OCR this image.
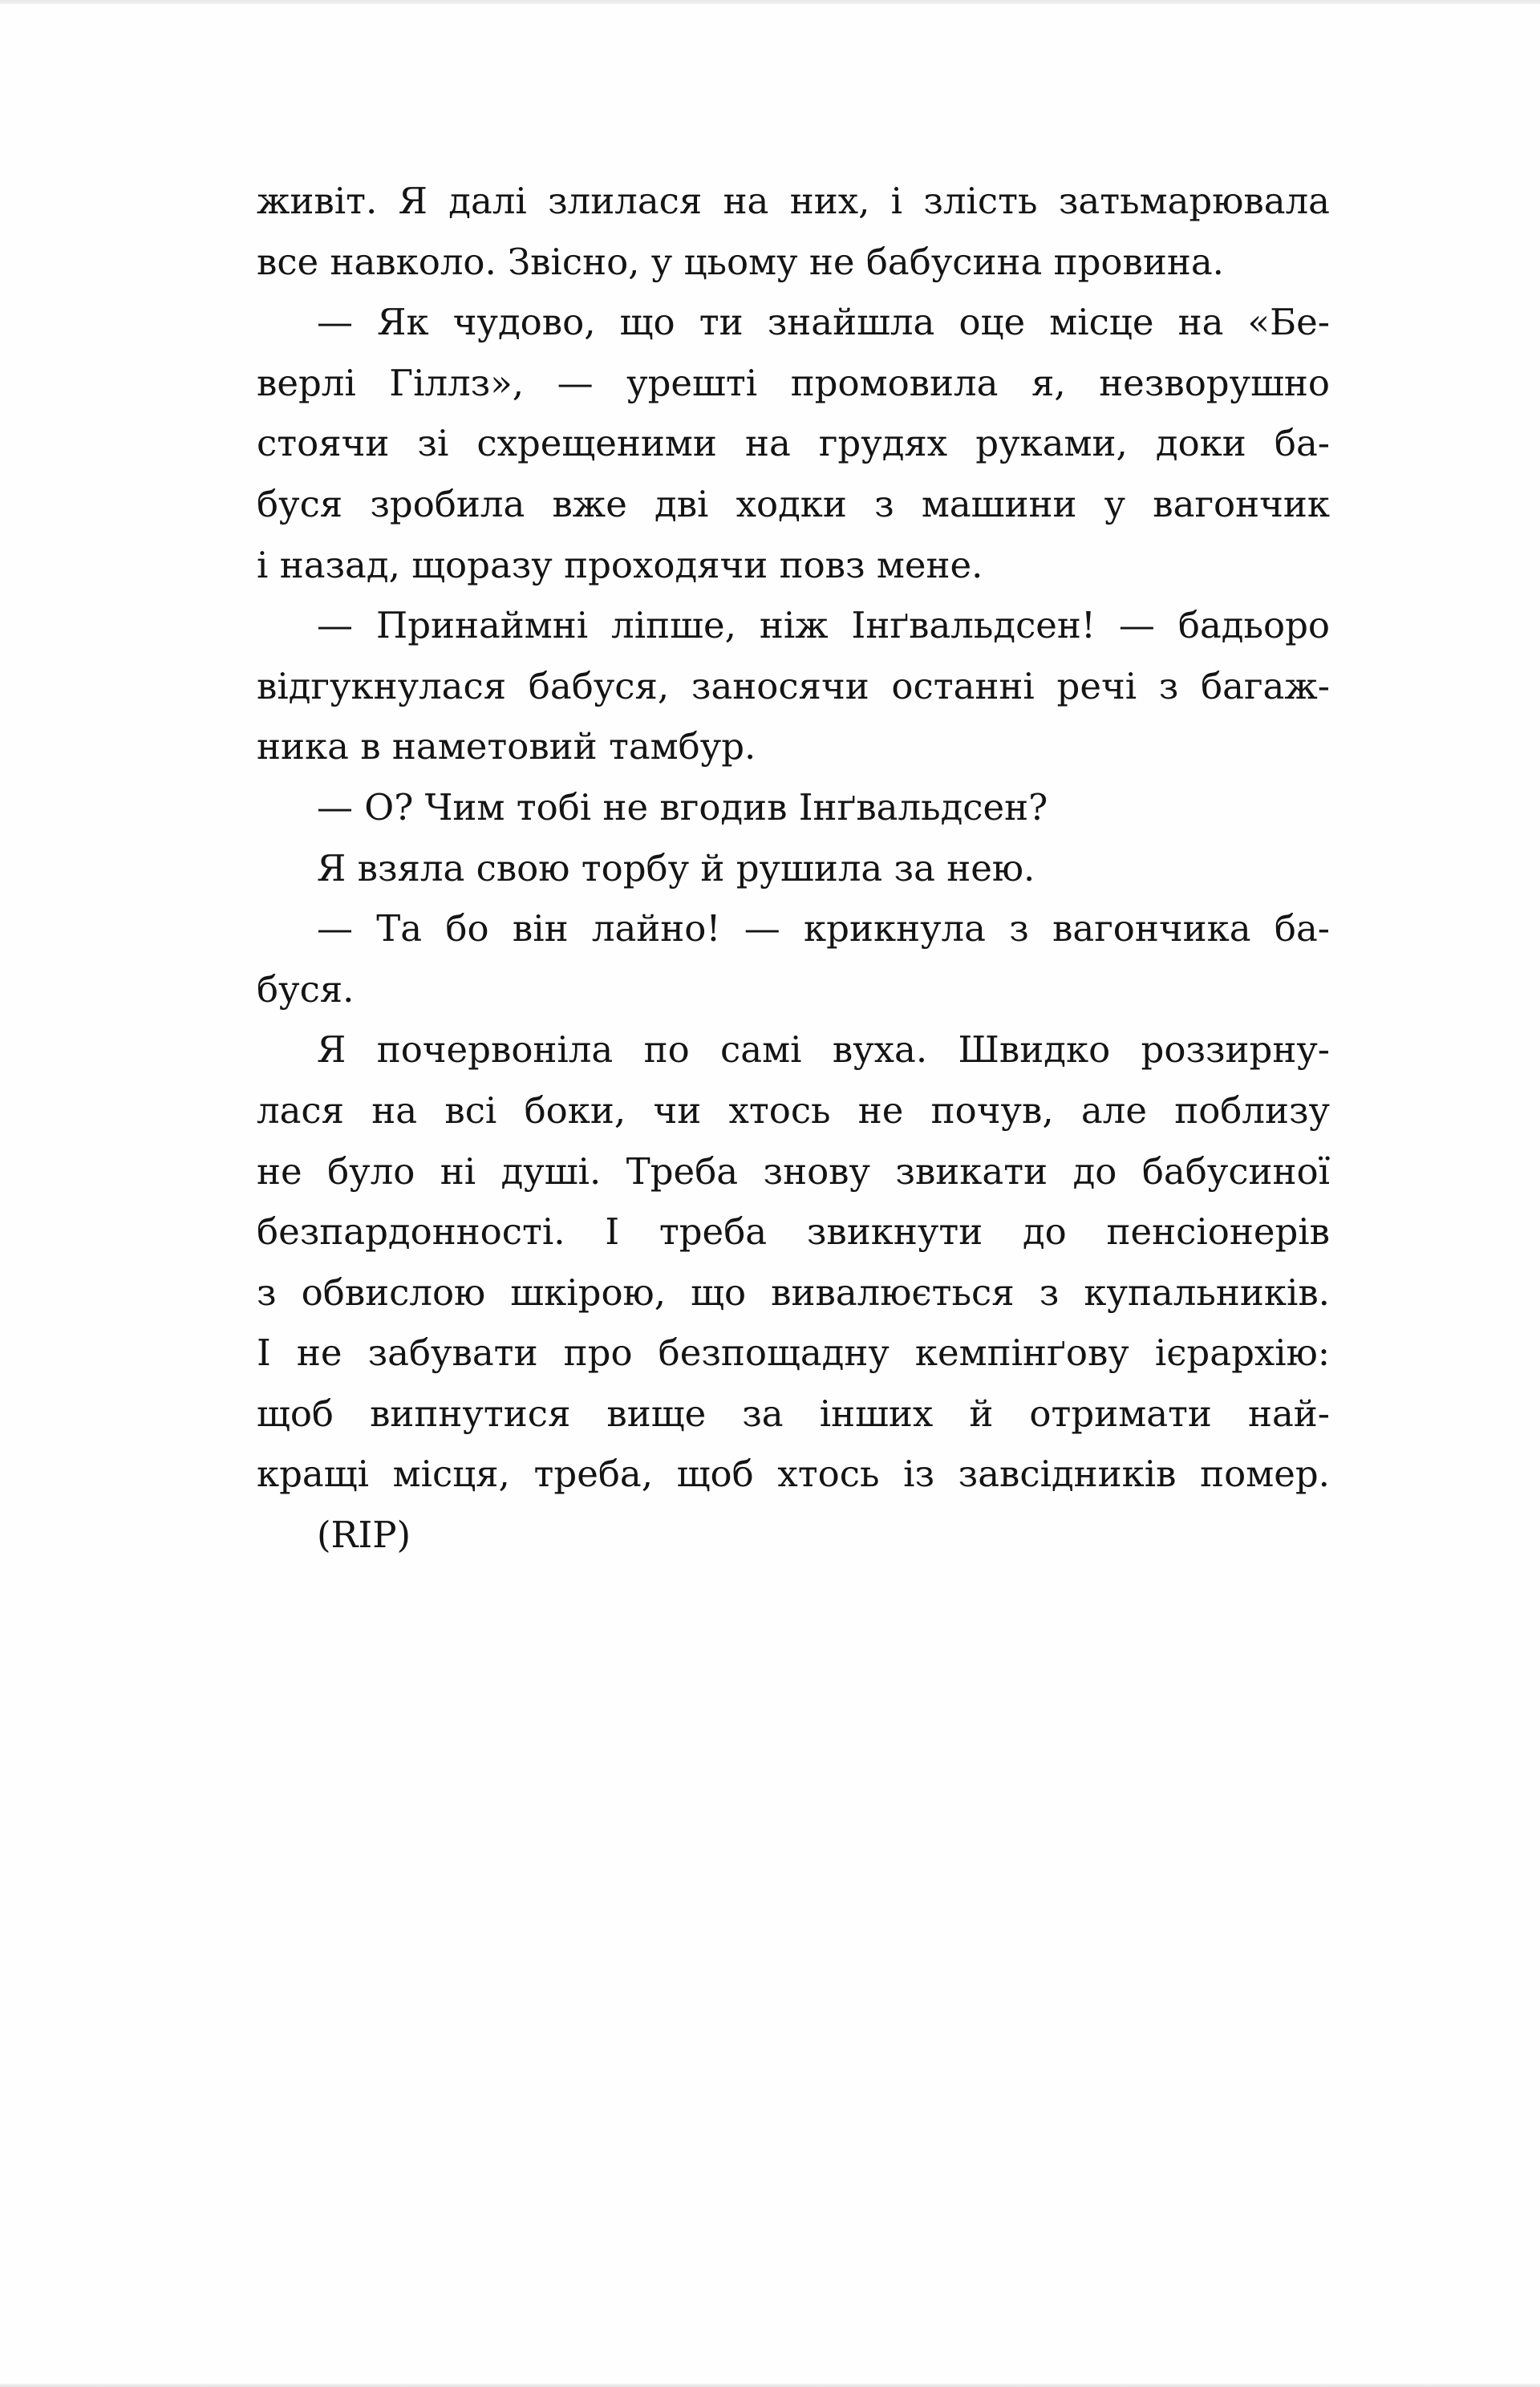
живіт. Я далі злилася на них, і злість затьмарювала
все навколо. Звісно, у цьому не бабусина провина.
— Як чудово, що ти знайшла оце місце на «Бе-
верлі Гіллз», — урешті промовила я, незворушно
стоячи зі схрещеними на грудях руками, доки ба-
буся зробила вже дві ходки з машини у вагончик
і назад, щоразу проходячи повз мене.
— Принаймні ліпше, ніж Інґвальдсен! — бадьоро
відгукнулася бабуся, заносячи останні речі з багаж-
ника в наметовий тамбур.
— О? Чим тобі не вгодив Інґвальдсен?
Я взяла свою торбу й рушила за нею.
— Та бо він лайно! — крикнула з вагончика ба-
буся.
Я почервоніла по самі вуха. Швидко роззирну-
лася на всі боки, чи хтось не почув, але поблизу
не було ні душі. Треба знову звикати до бабусиної
безпардонності. І треба звикнути до пенсіонерів
з обвислою шкірою, що вивалюється з купальників.
І не забувати про безпощадну кемпінґову ієрархію:
щоб випнутися вище за інших й отримати най-
кращі місця, треба, щоб хтось із завсідників помер.
(RIP)
